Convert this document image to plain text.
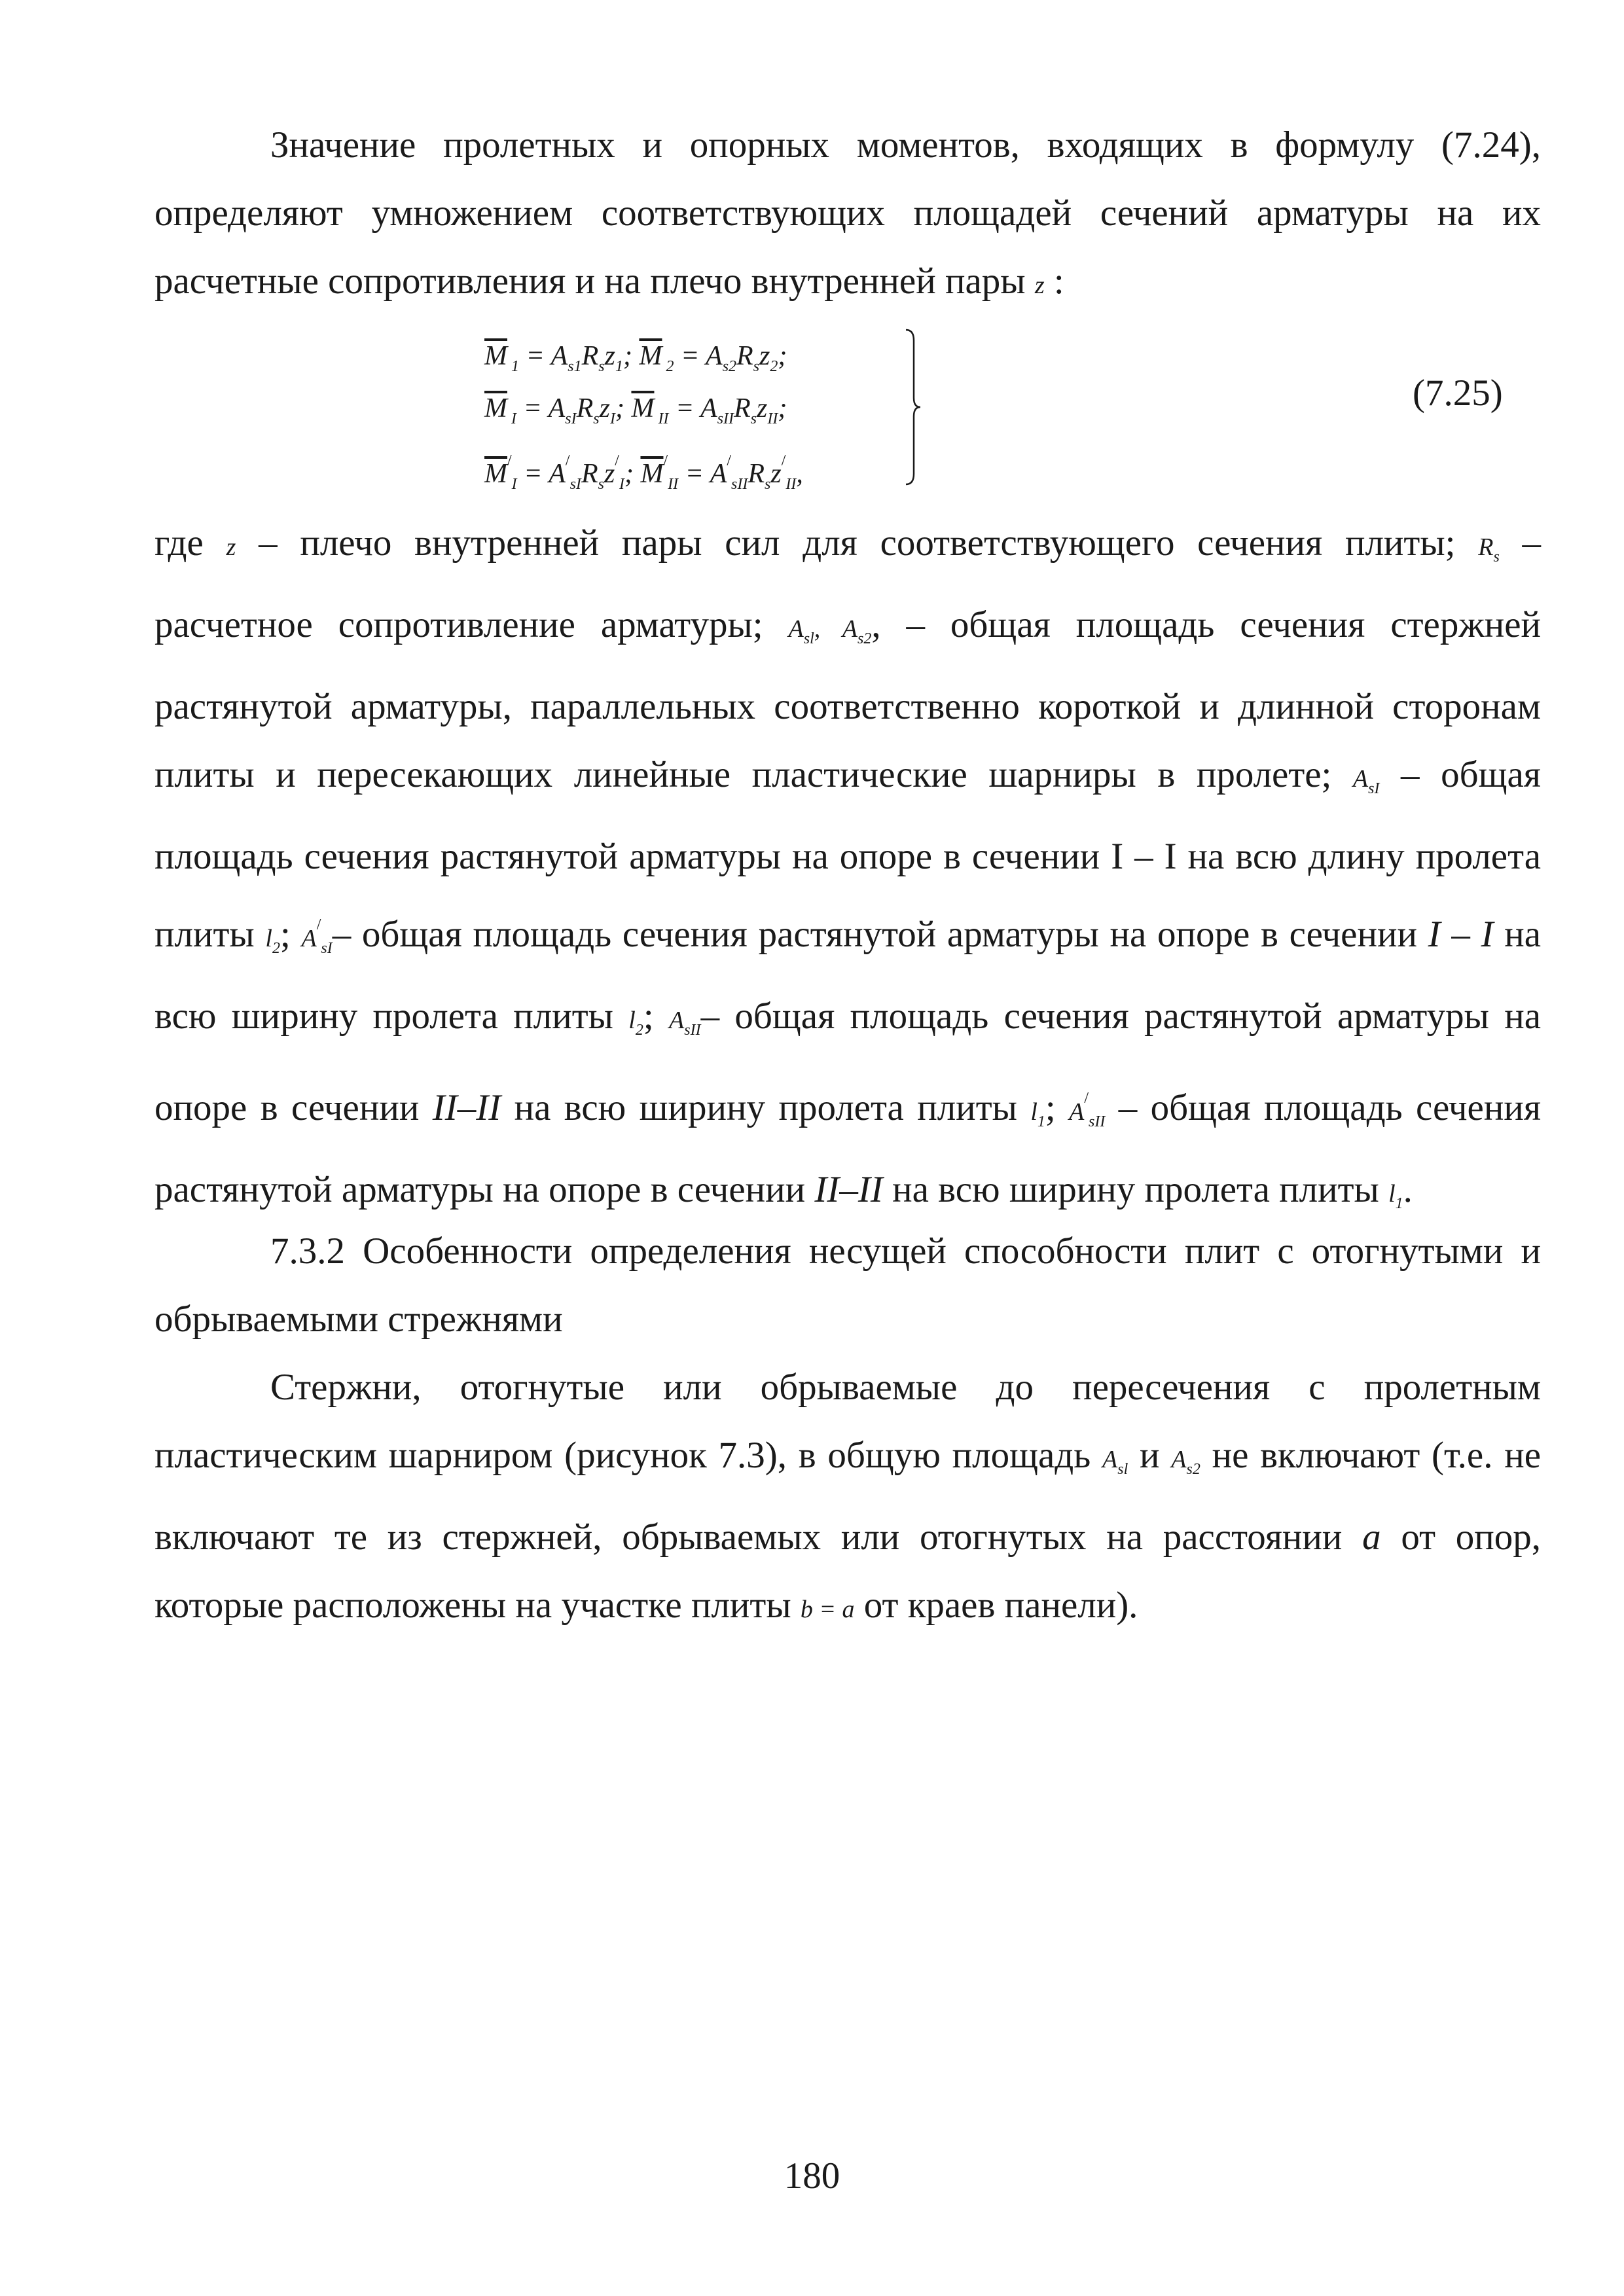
Значение пролетных и опорных моментов, входящих в формулу (7.24), определяют умножением соответствующих площадей сечений арматуры на их расчетные сопротивления и на плечо внутренней пары z :

$\overline{M}$ $_1 = A_{s1}R_sz_1$; $\overline{M}$ $_2 = A_{s2}R_sz_2$;
$\overline{M}$ $_I = A_{sI}R_sz_I$; $\overline{M}$ $_{II} = A_{sII}R_sz_{II}$;
$\overline{M}^/_I = A^/_{sI}R_sz^/_I$; $\overline{M}^/_{II} = A^/_{sII}R_sz^/_{II}$,
(7.25)

где z – плечо внутренней пары сил для соответствующего сечения плиты; $R_s$ – расчетное сопротивление арматуры; $A_{sl}$, $A_{s2}$, – общая площадь сечения стержней растянутой арматуры, параллельных соответственно короткой и длинной сторонам плиты и пересекающих линейные пластические шарниры в пролете; $A_{sI}$ – общая площадь сечения растянутой арматуры на опоре в сечении I – I на всю длину пролета плиты $l_2$; $A^/_{sI}-$ общая площадь сечения растянутой арматуры на опоре в сечении I – I на всю ширину пролета плиты $l_2$; $A_{sII}-$ общая площадь сечения растянутой арматуры на опоре в сечении II–II на всю ширину пролета плиты $l_1$; $A^/_{sII}$ – общая площадь сечения растянутой арматуры на опоре в сечении II–II на всю ширину пролета плиты $l_1$.

7.3.2 Особенности определения несущей способности плит с отогнутыми и обрываемыми стрежнями

Стержни, отогнутые или обрываемые до пересечения с пролетным пластическим шарниром (рисунок 7.3), в общую площадь $A_{sl}$ и $A_{s2}$ не включают (т.е. не включают те из стержней, обрываемых или отогнутых на расстоянии a от опор, которые расположены на участке плиты b = a от краев панели).

180
